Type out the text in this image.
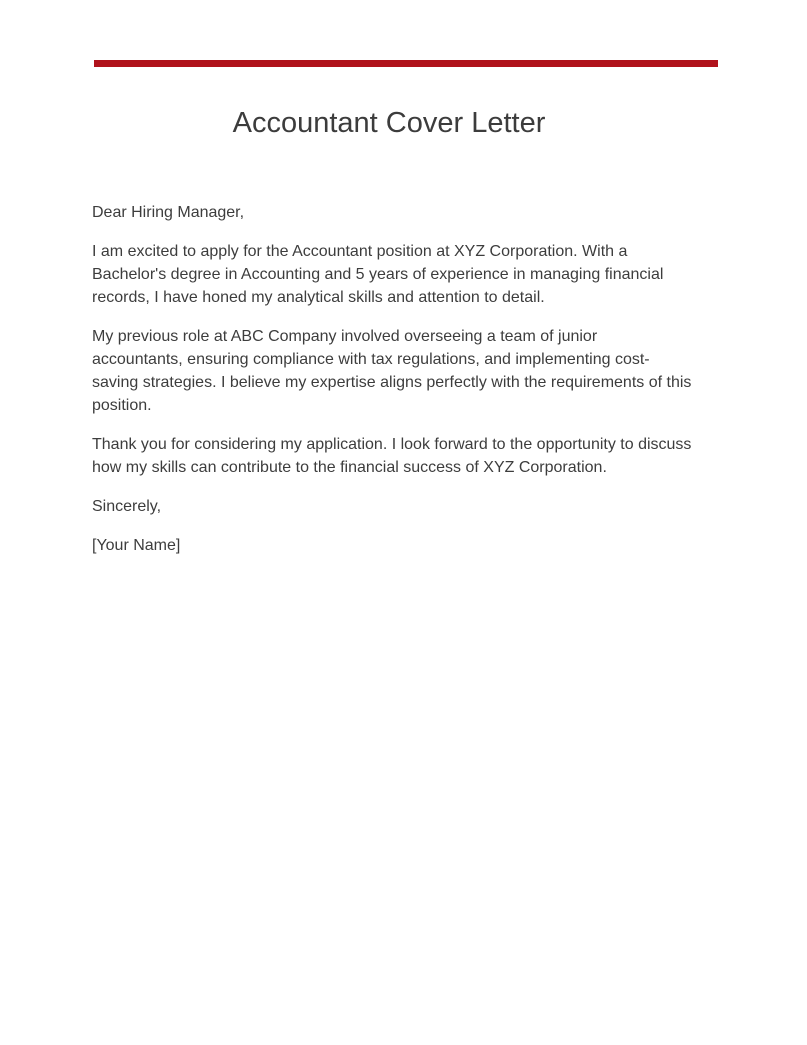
Accountant Cover Letter

Dear Hiring Manager,

I am excited to apply for the Accountant position at XYZ Corporation. With a Bachelor's degree in Accounting and 5 years of experience in managing financial records, I have honed my analytical skills and attention to detail.

My previous role at ABC Company involved overseeing a team of junior accountants, ensuring compliance with tax regulations, and implementing cost-saving strategies. I believe my expertise aligns perfectly with the requirements of this position.

Thank you for considering my application. I look forward to the opportunity to discuss how my skills can contribute to the financial success of XYZ Corporation.

Sincerely,

[Your Name]
